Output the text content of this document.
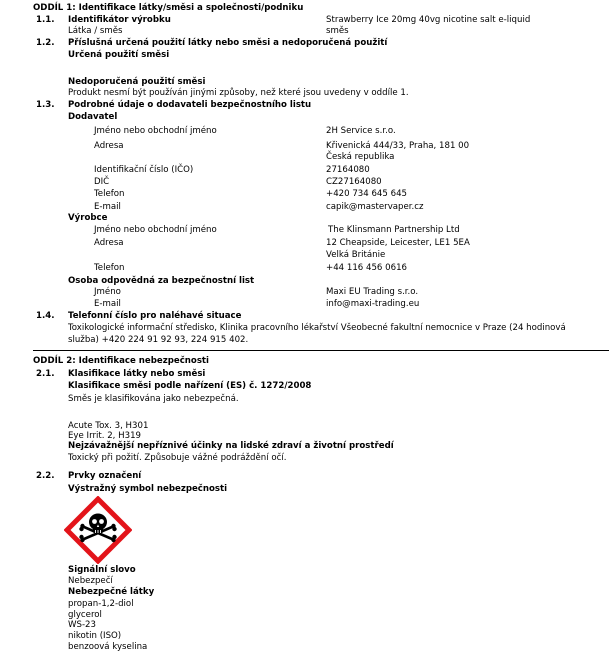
ODDÍL 1: Identifikace látky/směsi a společnosti/podniku
1.1. Identifikátor výrobku	Strawberry Ice 20mg 40vg nicotine salt e-liquid
Látka / směs	směs
1.2. Příslušná určená použití látky nebo směsi a nedoporučená použití
Určená použití směsi
Nedoporučená použití směsi
Produkt nesmí být používán jinými způsoby, než které jsou uvedeny v oddíle 1.
1.3. Podrobné údaje o dodavateli bezpečnostního listu
Dodavatel
Jméno nebo obchodní jméno	2H Service s.r.o.
Adresa	Křivenická 444/33, Praha, 181 00
Česká republika
Identifikační číslo (IČO)	27164080
DIČ	CZ27164080
Telefon	+420 734 645 645
E-mail	capik@mastervaper.cz
Výrobce
Jméno nebo obchodní jméno	The Klinsmann Partnership Ltd
Adresa	12 Cheapside, Leicester, LE1 5EA
Velká Británie
Telefon	+44 116 456 0616
Osoba odpovědná za bezpečnostní list
Jméno	Maxi EU Trading s.r.o.
E-mail	info@maxi-trading.eu
1.4. Telefonní číslo pro naléhavé situace
Toxikologické informační středisko, Klinika pracovního lékařství Všeobecné fakultní nemocnice v Praze (24 hodinová
služba) +420 224 91 92 93, 224 915 402.
ODDÍL 2: Identifikace nebezpečnosti
2.1. Klasifikace látky nebo směsi
Klasifikace směsi podle nařízení (ES) č. 1272/2008
Směs je klasifikována jako nebezpečná.
Acute Tox. 3, H301
Eye Irrit. 2, H319
Nejzávažnější nepříznivé účinky na lidské zdraví a životní prostředí
Toxický při požití. Způsobuje vážné podráždění očí.
2.2. Prvky označení
Výstražný symbol nebezpečnosti
Signální slovo
Nebezpečí
Nebezpečné látky
propan-1,2-diol
glycerol
WS-23
nikotin (ISO)
benzoová kyselina
